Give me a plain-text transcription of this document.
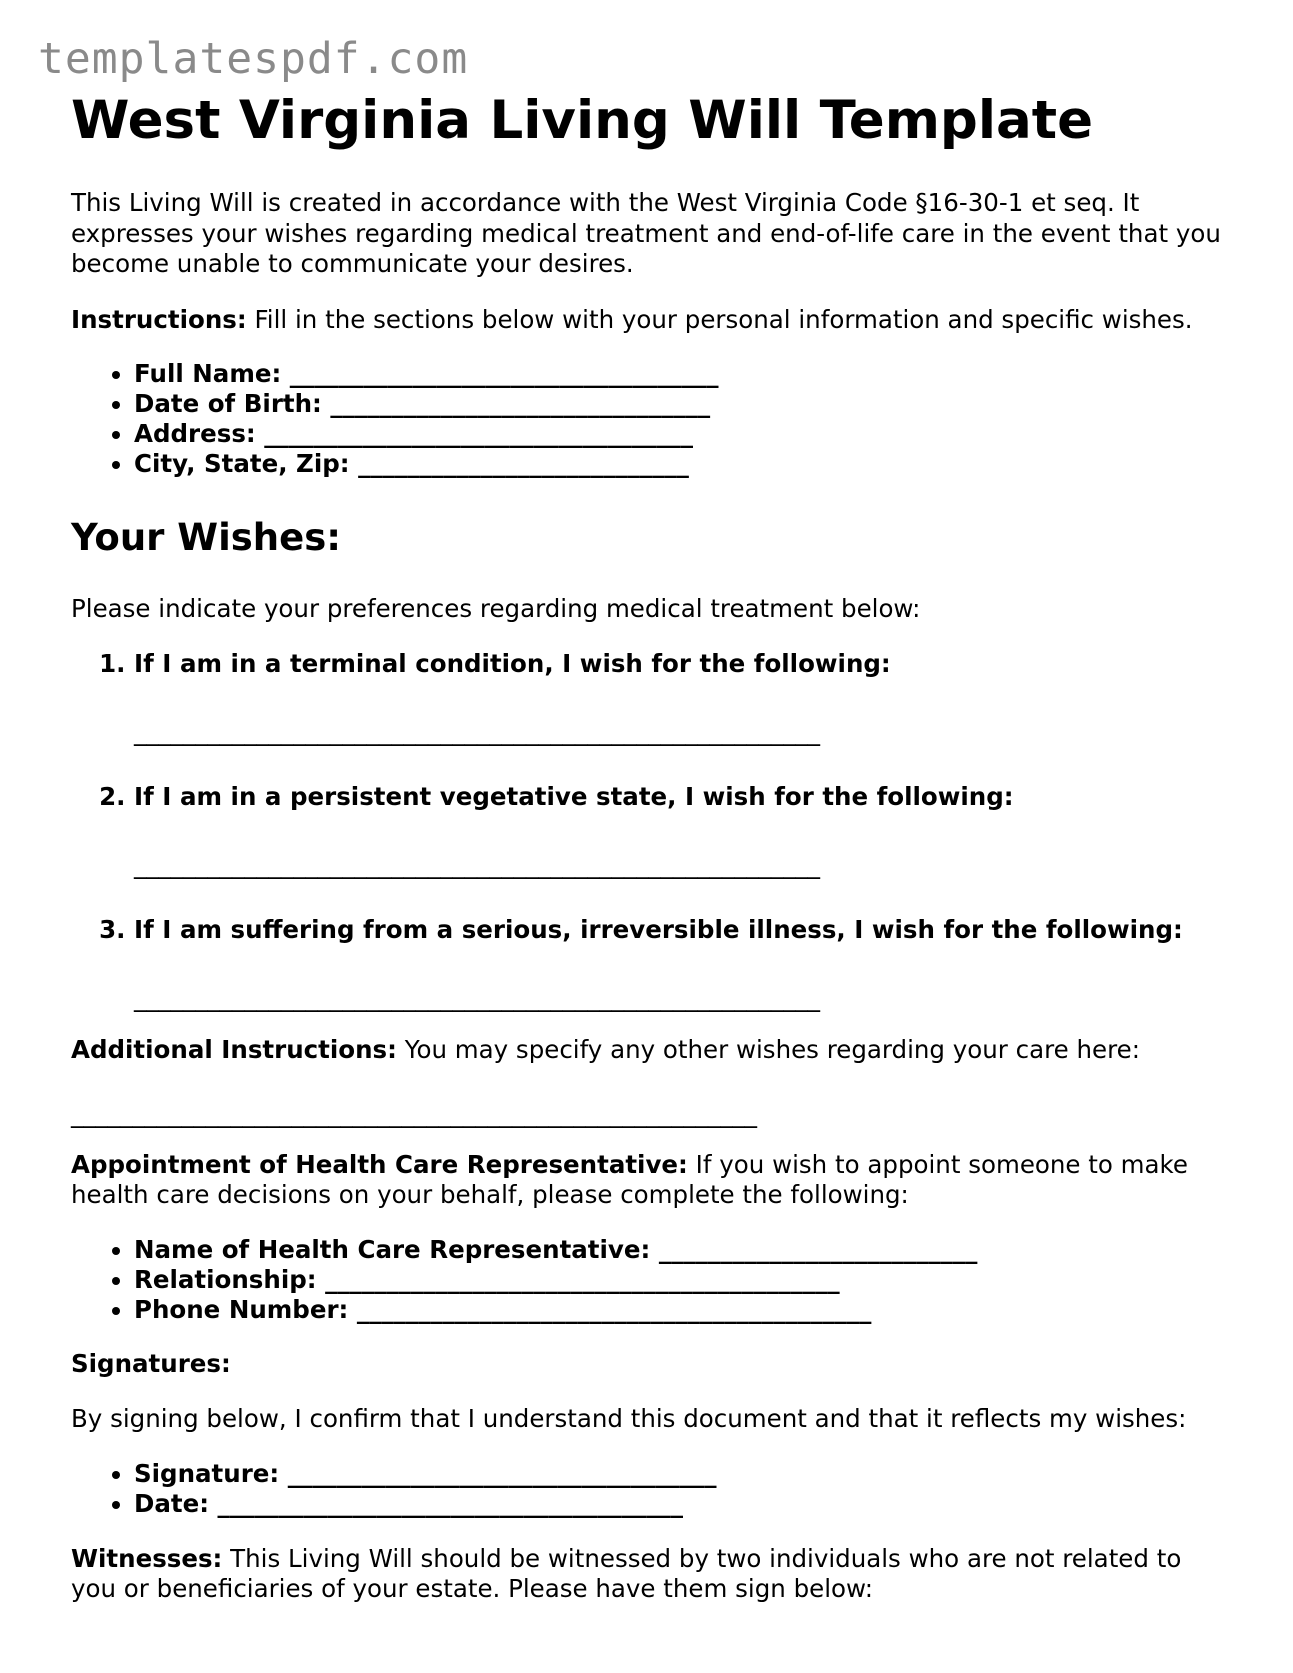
templatespdf.com
West Virginia Living Will Template

This Living Will is created in accordance with the West Virginia Code §16-30-1 et seq. It expresses your wishes regarding medical treatment and end-of-life care in the event that you become unable to communicate your desires.

Instructions: Fill in the sections below with your personal information and specific wishes.

• Full Name: ___________________________________
• Date of Birth: _______________________________
• Address: ___________________________________
• City, State, Zip: ___________________________
Your Wishes:

Please indicate your preferences regarding medical treatment below:

1. If I am in a terminal condition, I wish for the following:
________________________________________________________
2. If I am in a persistent vegetative state, I wish for the following:
________________________________________________________
3. If I am suffering from a serious, irreversible illness, I wish for the following:
________________________________________________________

Additional Instructions: You may specify any other wishes regarding your care here:

________________________________________________________

Appointment of Health Care Representative: If you wish to appoint someone to make health care decisions on your behalf, please complete the following:

• Name of Health Care Representative: __________________________
• Relationship: __________________________________________
• Phone Number: __________________________________________

Signatures:

By signing below, I confirm that I understand this document and that it reflects my wishes:

• Signature: ___________________________________
• Date: ______________________________________

Witnesses: This Living Will should be witnessed by two individuals who are not related to you or beneficiaries of your estate. Please have them sign below:
